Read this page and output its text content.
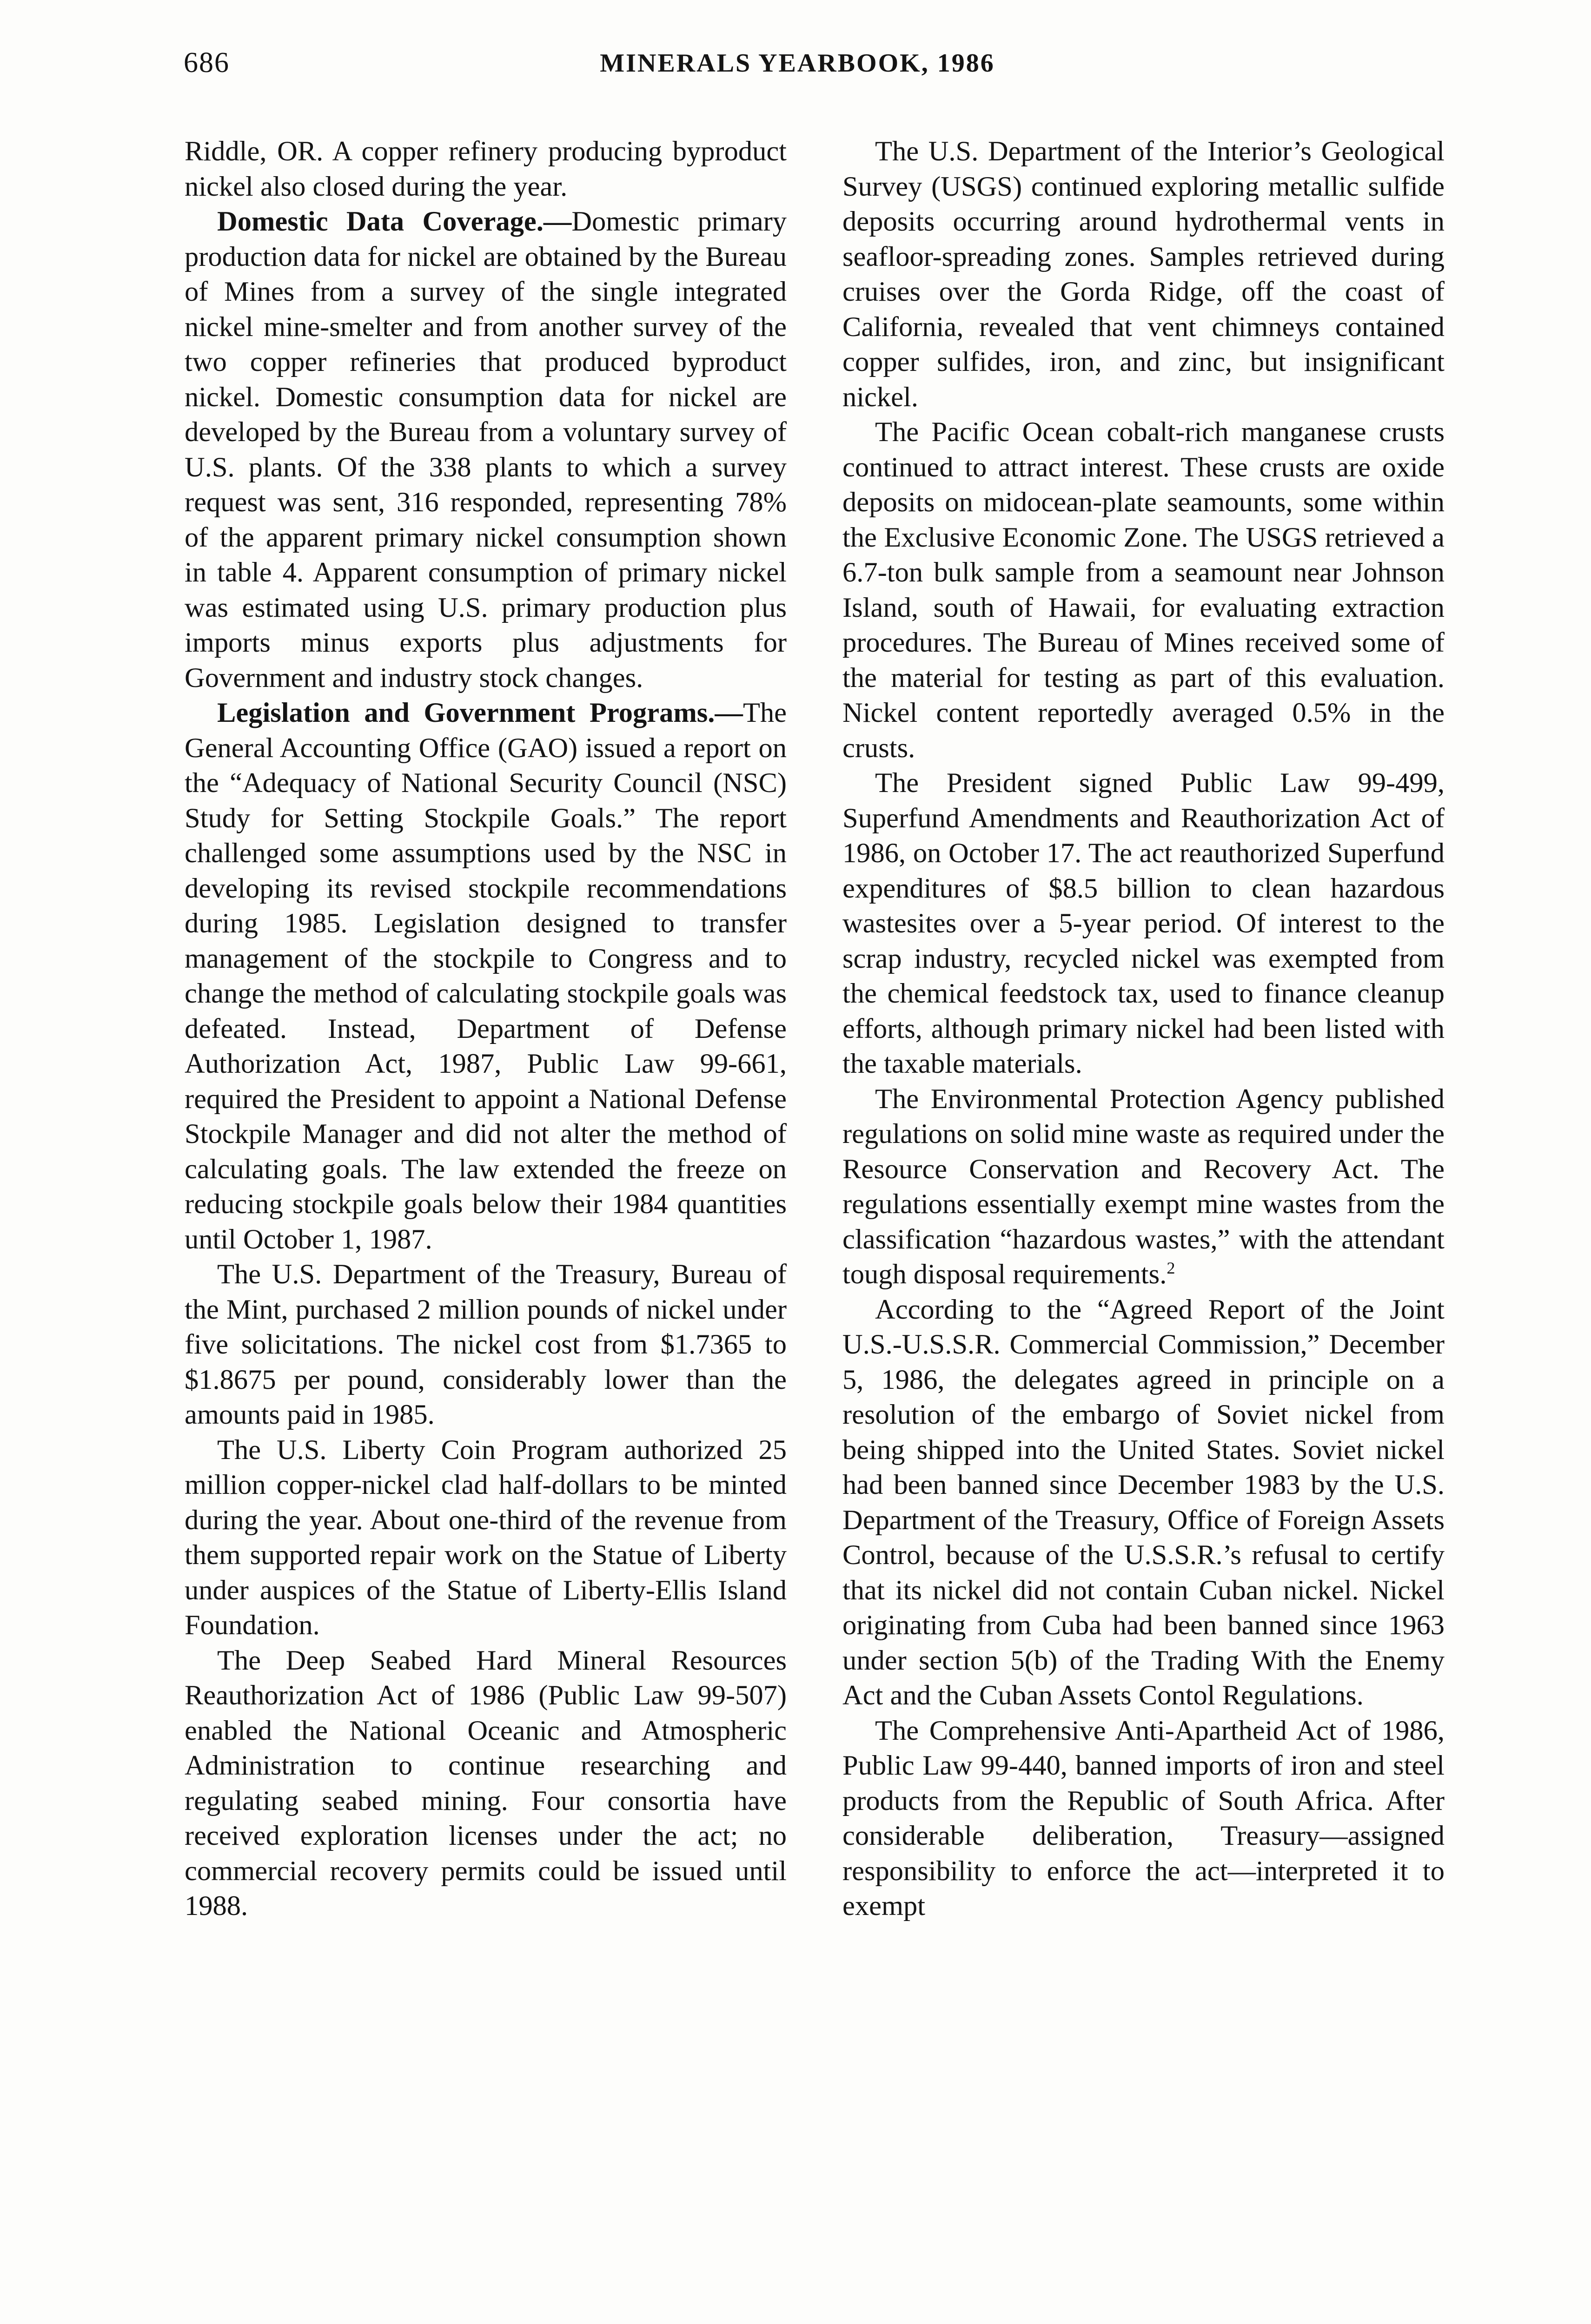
686	MINERALS YEARBOOK, 1986

Riddle, OR. A copper refinery producing byproduct nickel also closed during the year.

Domestic Data Coverage.—Domestic primary production data for nickel are obtained by the Bureau of Mines from a survey of the single integrated nickel mine-smelter and from another survey of the two copper refineries that produced byproduct nickel. Domestic consumption data for nickel are developed by the Bureau from a voluntary survey of U.S. plants. Of the 338 plants to which a survey request was sent, 316 responded, representing 78% of the apparent primary nickel consumption shown in table 4. Apparent consumption of primary nickel was estimated using U.S. primary production plus imports minus exports plus adjustments for Government and industry stock changes.

Legislation and Government Programs.—The General Accounting Office (GAO) issued a report on the “Adequacy of National Security Council (NSC) Study for Setting Stockpile Goals.” The report challenged some assumptions used by the NSC in developing its revised stockpile recommendations during 1985. Legislation designed to transfer management of the stockpile to Congress and to change the method of calculating stockpile goals was defeated. Instead, Department of Defense Authorization Act, 1987, Public Law 99-661, required the President to appoint a National Defense Stockpile Manager and did not alter the method of calculating goals. The law extended the freeze on reducing stockpile goals below their 1984 quantities until October 1, 1987.

The U.S. Department of the Treasury, Bureau of the Mint, purchased 2 million pounds of nickel under five solicitations. The nickel cost from $1.7365 to $1.8675 per pound, considerably lower than the amounts paid in 1985.

The U.S. Liberty Coin Program authorized 25 million copper-nickel clad half-dollars to be minted during the year. About one-third of the revenue from them supported repair work on the Statue of Liberty under auspices of the Statue of Liberty-Ellis Island Foundation.

The Deep Seabed Hard Mineral Resources Reauthorization Act of 1986 (Public Law 99-507) enabled the National Oceanic and Atmospheric Administration to continue researching and regulating seabed mining. Four consortia have received exploration licenses under the act; no commercial recovery permits could be issued until 1988.

The U.S. Department of the Interior’s Geological Survey (USGS) continued exploring metallic sulfide deposits occurring around hydrothermal vents in seafloor-spreading zones. Samples retrieved during cruises over the Gorda Ridge, off the coast of California, revealed that vent chimneys contained copper sulfides, iron, and zinc, but insignificant nickel.

The Pacific Ocean cobalt-rich manganese crusts continued to attract interest. These crusts are oxide deposits on midocean-plate seamounts, some within the Exclusive Economic Zone. The USGS retrieved a 6.7-ton bulk sample from a seamount near Johnson Island, south of Hawaii, for evaluating extraction procedures. The Bureau of Mines received some of the material for testing as part of this evaluation. Nickel content reportedly averaged 0.5% in the crusts.

The President signed Public Law 99-499, Superfund Amendments and Reauthorization Act of 1986, on October 17. The act reauthorized Superfund expenditures of $8.5 billion to clean hazardous wastesites over a 5-year period. Of interest to the scrap industry, recycled nickel was exempted from the chemical feedstock tax, used to finance cleanup efforts, although primary nickel had been listed with the taxable materials.

The Environmental Protection Agency published regulations on solid mine waste as required under the Resource Conservation and Recovery Act. The regulations essentially exempt mine wastes from the classification “hazardous wastes,” with the attendant tough disposal requirements.$^2$

According to the “Agreed Report of the Joint U.S.-U.S.S.R. Commercial Commission,” December 5, 1986, the delegates agreed in principle on a resolution of the embargo of Soviet nickel from being shipped into the United States. Soviet nickel had been banned since December 1983 by the U.S. Department of the Treasury, Office of Foreign Assets Control, because of the U.S.S.R.’s refusal to certify that its nickel did not contain Cuban nickel. Nickel originating from Cuba had been banned since 1963 under section 5(b) of the Trading With the Enemy Act and the Cuban Assets Contol Regulations.

The Comprehensive Anti-Apartheid Act of 1986, Public Law 99-440, banned imports of iron and steel products from the Republic of South Africa. After considerable deliberation, Treasury—assigned responsibility to enforce the act—interpreted it to exempt
